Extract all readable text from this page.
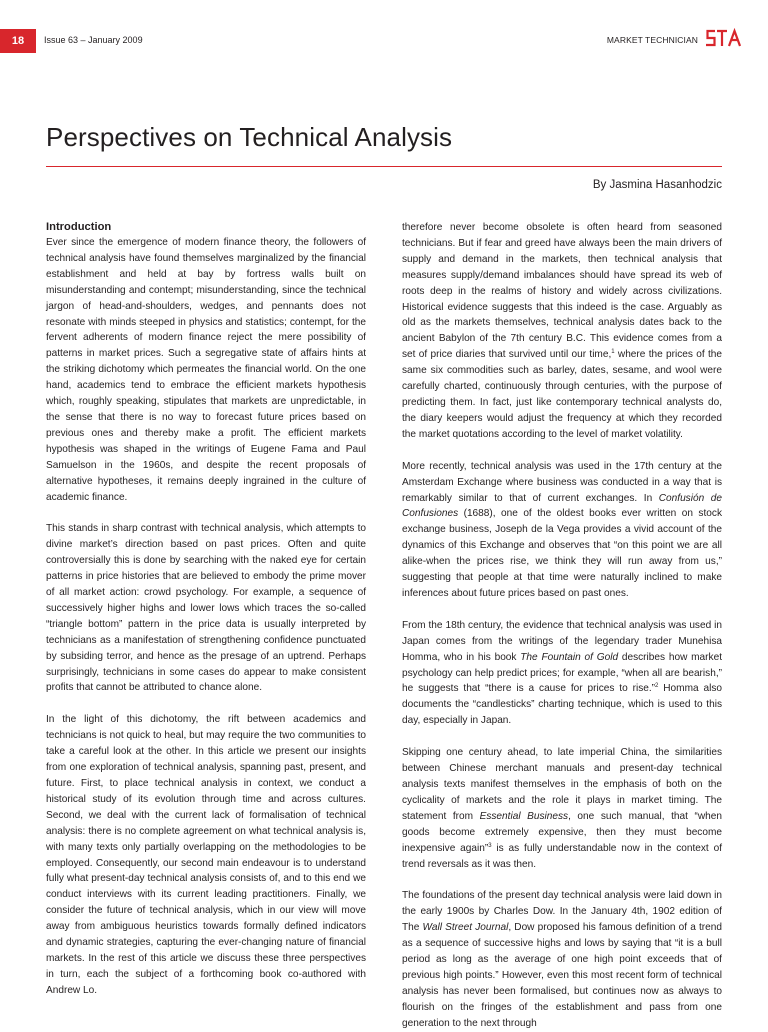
18	Issue 63 – January 2009	MARKET TECHNICIAN
Perspectives on Technical Analysis
By Jasmina Hasanhodzic
Introduction

Ever since the emergence of modern finance theory, the followers of technical analysis have found themselves marginalized by the financial establishment and held at bay by fortress walls built on misunderstanding and contempt; misunderstanding, since the technical jargon of head-and-shoulders, wedges, and pennants does not resonate with minds steeped in physics and statistics; contempt, for the fervent adherents of modern finance reject the mere possibility of patterns in market prices. Such a segregative state of affairs hints at the striking dichotomy which permeates the financial world. On the one hand, academics tend to embrace the efficient markets hypothesis which, roughly speaking, stipulates that markets are unpredictable, in the sense that there is no way to forecast future prices based on previous ones and thereby make a profit. The efficient markets hypothesis was shaped in the writings of Eugene Fama and Paul Samuelson in the 1960s, and despite the recent proposals of alternative hypotheses, it remains deeply ingrained in the culture of academic finance.

This stands in sharp contrast with technical analysis, which attempts to divine market’s direction based on past prices. Often and quite controversially this is done by searching with the naked eye for certain patterns in price histories that are believed to embody the prime mover of all market action: crowd psychology. For example, a sequence of successively higher highs and lower lows which traces the so-called “triangle bottom” pattern in the price data is usually interpreted by technicians as a manifestation of strengthening confidence punctuated by subsiding terror, and hence as the presage of an uptrend. Perhaps surprisingly, technicians in some cases do appear to make consistent profits that cannot be attributed to chance alone.

In the light of this dichotomy, the rift between academics and technicians is not quick to heal, but may require the two communities to take a careful look at the other. In this article we present our insights from one exploration of technical analysis, spanning past, present, and future. First, to place technical analysis in context, we conduct a historical study of its evolution through time and across cultures. Second, we deal with the current lack of formalisation of technical analysis: there is no complete agreement on what technical analysis is, with many texts only partially overlapping on the methodologies to be employed. Consequently, our second main endeavour is to understand fully what present-day technical analysis consists of, and to this end we conduct interviews with its current leading practitioners. Finally, we consider the future of technical analysis, which in our view will move away from ambiguous heuristics towards formally defined indicators and dynamic strategies, capturing the ever-changing nature of financial markets. In the rest of this article we discuss these three perspectives in turn, each the subject of a forthcoming book co-authored with Andrew Lo.

therefore never become obsolete is often heard from seasoned technicians. But if fear and greed have always been the main drivers of supply and demand in the markets, then technical analysis that measures supply/demand imbalances should have spread its web of roots deep in the realms of history and widely across civilizations. Historical evidence suggests that this indeed is the case. Arguably as old as the markets themselves, technical analysis dates back to the ancient Babylon of the 7th century B.C. This evidence comes from a set of price diaries that survived until our time,$^1$ where the prices of the same six commodities such as barley, dates, sesame, and wool were carefully charted, continuously through centuries, with the purpose of predicting them. In fact, just like contemporary technical analysts do, the diary keepers would adjust the frequency at which they recorded the market quotations according to the level of market volatility.

More recently, technical analysis was used in the 17th century at the Amsterdam Exchange where business was conducted in a way that is remarkably similar to that of current exchanges. In Confusión de Confusiones (1688), one of the oldest books ever written on stock exchange business, Joseph de la Vega provides a vivid account of the dynamics of this Exchange and observes that “on this point we are all alike-when the prices rise, we think they will run away from us,” suggesting that people at that time were naturally inclined to make inferences about future prices based on past ones.

From the 18th century, the evidence that technical analysis was used in Japan comes from the writings of the legendary trader Munehisa Homma, who in his book The Fountain of Gold describes how market psychology can help predict prices; for example, “when all are bearish,” he suggests that “there is a cause for prices to rise.”$^2$ Homma also documents the “candlesticks” charting technique, which is used to this day, especially in Japan.

Skipping one century ahead, to late imperial China, the similarities between Chinese merchant manuals and present-day technical analysis texts manifest themselves in the emphasis of both on the cyclicality of markets and the role it plays in market timing. The statement from Essential Business, one such manual, that “when goods become extremely expensive, then they must become inexpensive again”$^3$ is as fully understandable now in the context of trend reversals as it was then.

The foundations of the present day technical analysis were laid down in the early 1900s by Charles Dow. In the January 4th, 1902 edition of The Wall Street Journal, Dow proposed his famous definition of a trend as a sequence of successive highs and lows by saying that “it is a bull period as long as the average of one high point exceeds that of previous high points.” However, even this most recent form of technical analysis has never been formalised, but continues now as always to flourish on the fringes of the establishment and pass from one generation to the next through
